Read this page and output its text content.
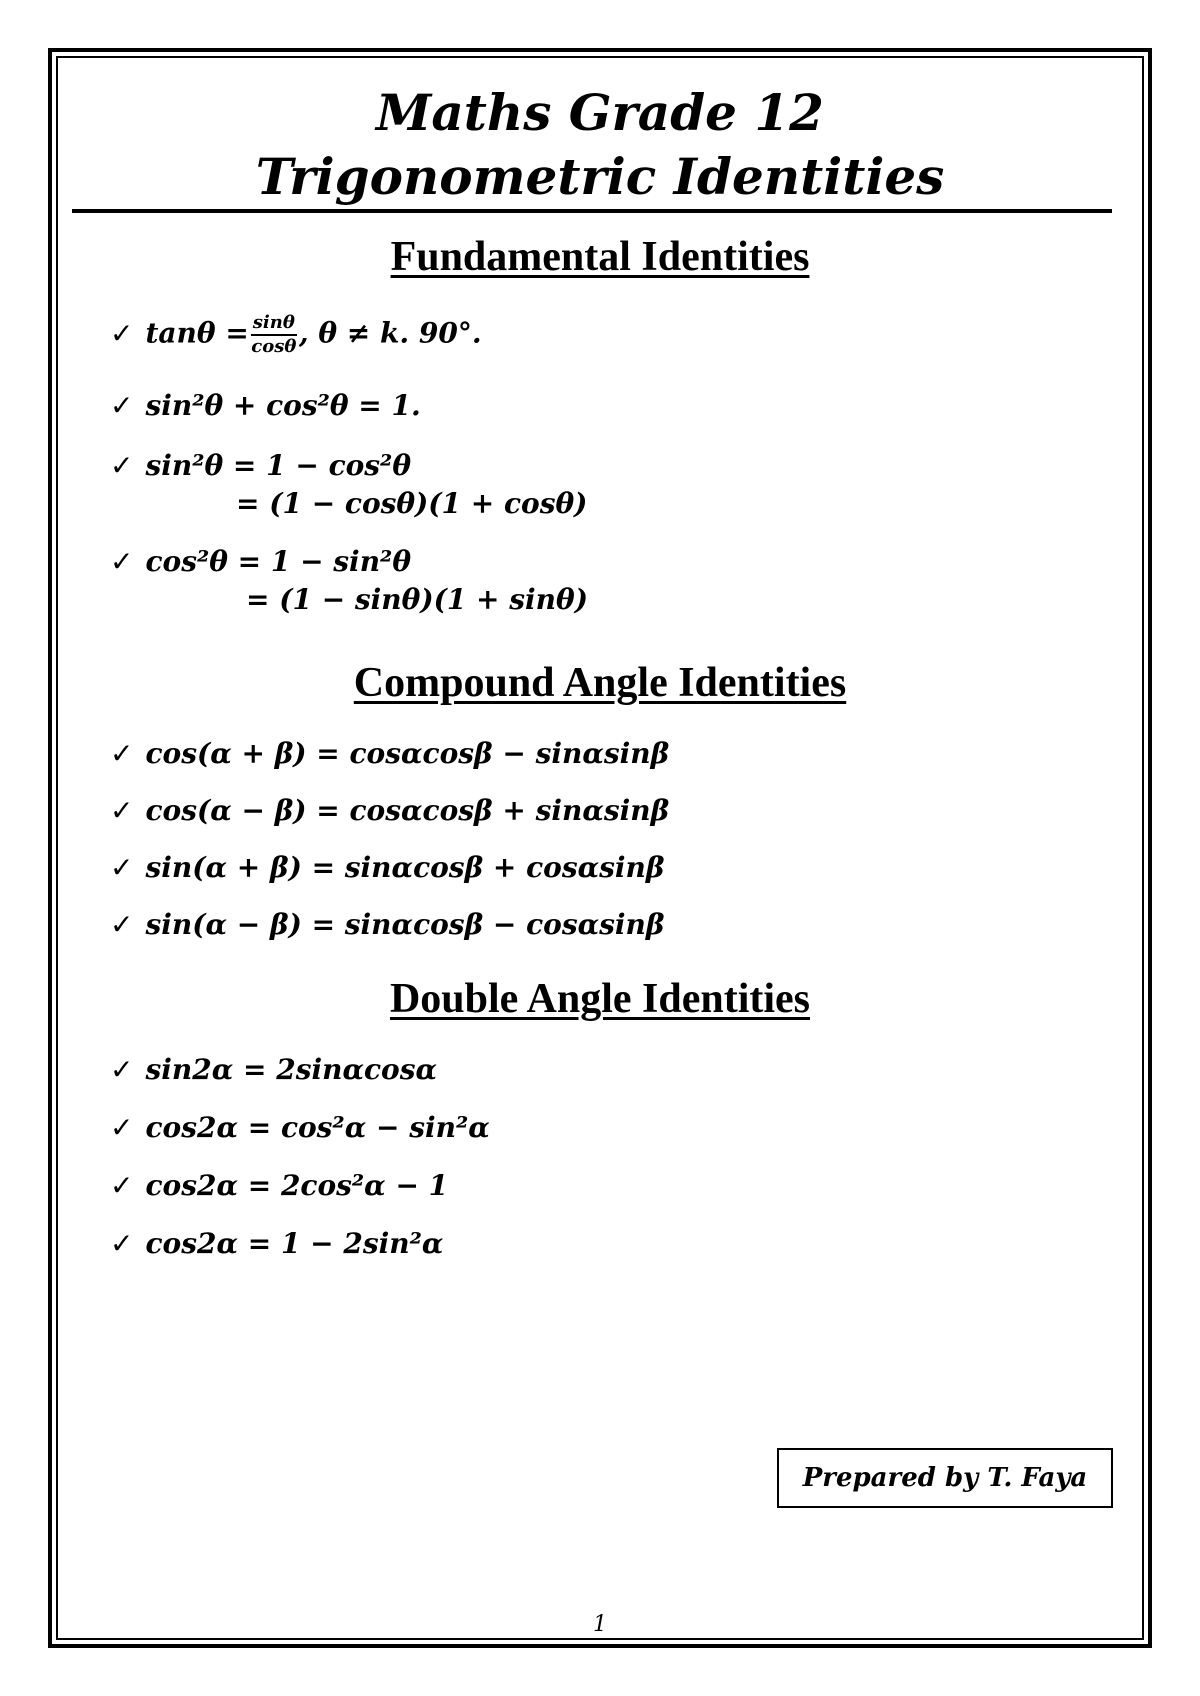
Maths Grade 12
Trigonometric Identities
Fundamental Identities
✓ $\tan\theta = \frac{\sin\theta}{\cos\theta}$ , θ ≠ k. 90°.
✓ sin²θ + cos²θ = 1.
✓ sin²θ = 1 − cos²θ
= (1 − cosθ)(1 + cosθ)
✓ cos²θ = 1 − sin²θ
= (1 − sinθ)(1 + sinθ)
Compound Angle Identities
✓ cos(α + β) = cosαcosβ − sinαsinβ
✓ cos(α − β) = cosαcosβ + sinαsinβ
✓ sin(α + β) = sinαcosβ + cosαsinβ
✓ sin(α − β) = sinαcosβ − cosαsinβ
Double Angle Identities
✓ sin2α = 2sinαcosα
✓ cos2α = cos²α − sin²α
✓ cos2α = 2cos²α − 1
✓ cos2α = 1 − 2sin²α
Prepared by T. Faya
1
